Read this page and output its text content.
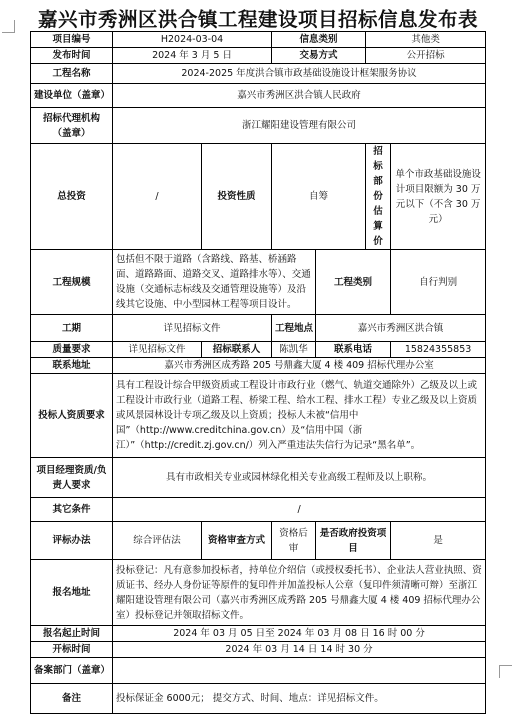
嘉兴市秀洲区洪合镇工程建设项目招标信息发布表
项目编号	H2024-03-04		信息类别		其他类	
发布时间	2024 年 3 月 5 日		交易方式		公开招标	
工程名称	2024-2025 年度洪合镇市政基础设施设计框架服务协议					
建设单位（盖章）	嘉兴市秀洲区洪合镇人民政府					
招标代理机构（盖章）	浙江耀阳建设管理有限公司					
总投资	/	投资性质	自筹		招标部份估算价	单个市政基础设施设计项目限额为 30 万元以下（不含 30 万元）
工程规模	包括但不限于道路（含路线、路基、桥涵路面、道路路面、道路交叉、道路排水等）、交通设施（交通标志标线及交通管理设施等）及沿线其它设施、中小型园林工程等项目设计。			工程类别		自行判别
工期	详见招标文件		工程地点	嘉兴市秀洲区洪合镇		
质量要求	详见招标文件	招标联系人	陈凯华	联系电话		15824355853
联系地址	嘉兴市秀洲区成秀路 205 号鼎鑫大厦 4 楼 409 招标代理办公室					
投标人资质要求	具有工程设计综合甲级资质或工程设计市政行业（燃气、轨道交通除外）乙级及以上或工程设计市政行业（道路工程、桥梁工程、给水工程、排水工程）专业乙级及以上资质或风景园林设计专项乙级及以上资质；投标人未被“信用中国”（http://www.creditchina.gov.cn）及“信用中国（浙江）”（http://credit.zj.gov.cn/）列入严重违法失信行为记录“黑名单”。					
项目经理资质/负责人要求	具有市政相关专业或园林绿化相关专业高级工程师及以上职称。					
其它条件	/					
评标办法	综合评估法	资格审查方式	资格后审	是否政府投资项目		是
报名地址	投标登记：凡有意参加投标者，持单位介绍信（或授权委托书）、企业法人营业执照、资质证书、经办人身份证等原件的复印件并加盖投标人公章（复印件须清晰可辩）至浙江耀阳建设管理有限公司（嘉兴市秀洲区成秀路 205 号鼎鑫大厦 4 楼 409 招标代理办公室）投标登记并领取招标文件。					
报名起止时间	2024 年 03 月 05 日至 2024 年 03 月 08 日 16 时 00 分					
开标时间	2024 年 03 月 14 日 14 时 30 分					
备案部门（盖章）						
备注	投标保证金 6000元； 提交方式、时间、地点：详见招标文件。					
